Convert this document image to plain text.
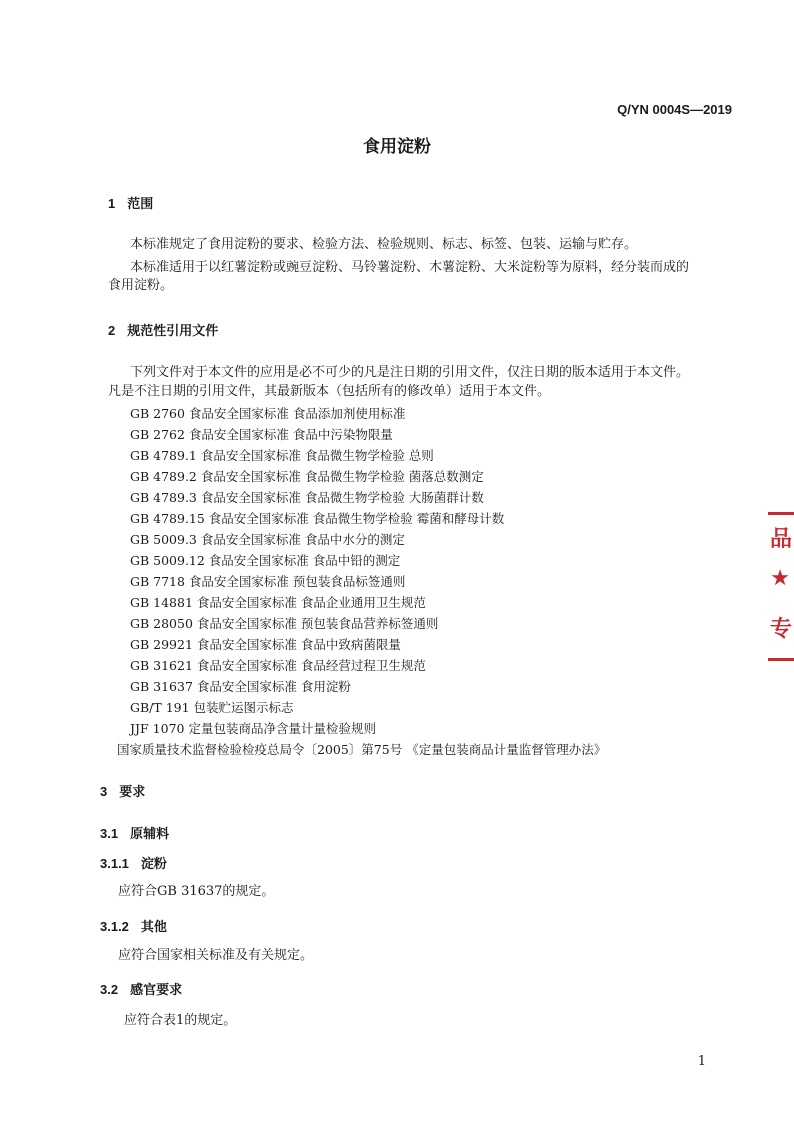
Q/YN 0004S—2019
食用淀粉
1 范围
本标准规定了食用淀粉的要求、检验方法、检验规则、标志、标签、包装、运输与贮存。
本标准适用于以红薯淀粉或豌豆淀粉、马铃薯淀粉、木薯淀粉、大米淀粉等为原料，经分装而成的
食用淀粉。
2 规范性引用文件
下列文件对于本文件的应用是必不可少的凡是注日期的引用文件，仅注日期的版本适用于本文件。
凡是不注日期的引用文件，其最新版本（包括所有的修改单）适用于本文件。
GB 2760 食品安全国家标准 食品添加剂使用标准
GB 2762 食品安全国家标准 食品中污染物限量
GB 4789.1 食品安全国家标准 食品微生物学检验 总则
GB 4789.2 食品安全国家标准 食品微生物学检验 菌落总数测定
GB 4789.3 食品安全国家标准 食品微生物学检验 大肠菌群计数
GB 4789.15 食品安全国家标准 食品微生物学检验 霉菌和酵母计数
GB 5009.3 食品安全国家标准 食品中水分的测定
GB 5009.12 食品安全国家标准 食品中铅的测定
GB 7718 食品安全国家标准 预包装食品标签通则
GB 14881 食品安全国家标准 食品企业通用卫生规范
GB 28050 食品安全国家标准 预包装食品营养标签通则
GB 29921 食品安全国家标准 食品中致病菌限量
GB 31621 食品安全国家标准 食品经营过程卫生规范
GB 31637 食品安全国家标准 食用淀粉
GB/T 191 包装贮运图示标志
JJF 1070 定量包装商品净含量计量检验规则
国家质量技术监督检验检疫总局令〔2005〕第75号 《定量包装商品计量监督管理办法》
3 要求
3.1 原辅料
3.1.1 淀粉
应符合GB 31637的规定。
3.1.2 其他
应符合国家相关标准及有关规定。
3.2 感官要求
应符合表1的规定。
1
品
★
专
